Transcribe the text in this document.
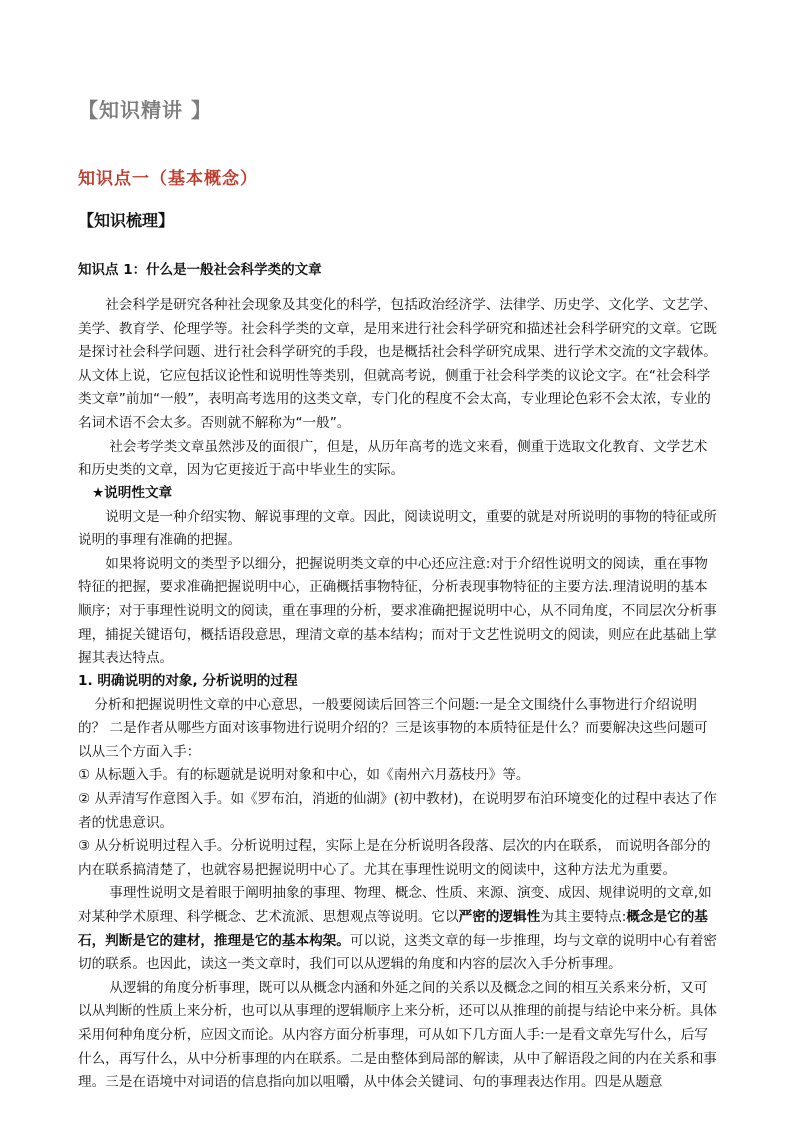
【知识精讲 】
知识点一（基本概念）
【知识梳理】
知识点 1：什么是一般社会科学类的文章

社会科学是研究各种社会现象及其变化的科学，包括政治经济学、法律学、历史学、文化学、文艺学、美学、教育学、伦理学等。社会科学类的文章，是用来进行社会科学研究和描述社会科学研究的文章。它既是探讨社会科学问题、进行社会科学研究的手段，也是概括社会科学研究成果、进行学术交流的文字载体。从文体上说，它应包括议论性和说明性等类别，但就高考说，侧重于社会科学类的议论文字。在“社会科学类文章”前加“一般”，表明高考选用的这类文章，专门化的程度不会太高，专业理论色彩不会太浓，专业的名词术语不会太多。否则就不解称为“一般”。

社会考学类文章虽然涉及的面很广，但是，从历年高考的选文来看，侧重于选取文化教育、文学艺术和历史类的文章，因为它更接近于高中毕业生的实际。

★说明性文章

说明文是一种介绍实物、解说事理的文章。因此，阅读说明文，重要的就是对所说明的事物的特征或所说明的事理有准确的把握。

如果将说明文的类型予以细分，把握说明类文章的中心还应注意:对于介绍性说明文的阅读，重在事物特征的把握，要求准确把握说明中心，正确概括事物特征，分析表现事物特征的主要方法.理清说明的基本顺序；对于事理性说明文的阅读，重在事理的分析，要求准确把握说明中心，从不同角度，不同层次分析事理，捕捉关键语句，概括语段意思，理清文章的基本结构；而对于文艺性说明文的阅读，则应在此基础上掌握其表达特点。

1. 明确说明的对象, 分析说明的过程

分析和把握说明性文章的中心意思，一般要阅读后回答三个问题:一是全文围绕什么事物进行介绍说明的？ 二是作者从哪些方面对该事物进行说明介绍的？三是该事物的本质特征是什么？而要解决这些问题可以从三个方面入手：

① 从标题入手。有的标题就是说明对象和中心，如《南州六月荔枝丹》等。

② 从弄清写作意图入手。如《罗布泊，消逝的仙湖》(初中教材)，在说明罗布泊环境变化的过程中表达了作者的忧患意识。

③ 从分析说明过程入手。分析说明过程，实际上是在分析说明各段落、层次的内在联系， 而说明各部分的内在联系搞清楚了，也就容易把握说明中心了。尤其在事理性说明文的阅读中，这种方法尤为重要。

事理性说明文是着眼于阐明抽象的事理、物理、概念、性质、来源、演变、成因、规律说明的文章,如对某种学术原理、科学概念、艺术流派、思想观点等说明。它以严密的逻辑性为其主要特点:概念是它的基石，判断是它的建材，推理是它的基本构架。可以说，这类文章的每一步推理，均与文章的说明中心有着密切的联系。也因此，读这一类文章时，我们可以从逻辑的角度和内容的层次入手分析事理。

从逻辑的角度分析事理，既可以从概念内涵和外延之间的关系以及概念之间的相互关系来分析，又可以从判断的性质上来分析，也可以从事理的逻辑顺序上来分析，还可以从推理的前提与结论中来分析。具体采用何种角度分析，应因文而论。从内容方面分析事理，可从如下几方面人手:一是看文章先写什么，后写什么，再写什么，从中分析事理的内在联系。二是由整体到局部的解读，从中了解语段之间的内在关系和事理。三是在语境中对词语的信息指向加以咀嚼，从中体会关键词、句的事理表达作用。四是从题意
